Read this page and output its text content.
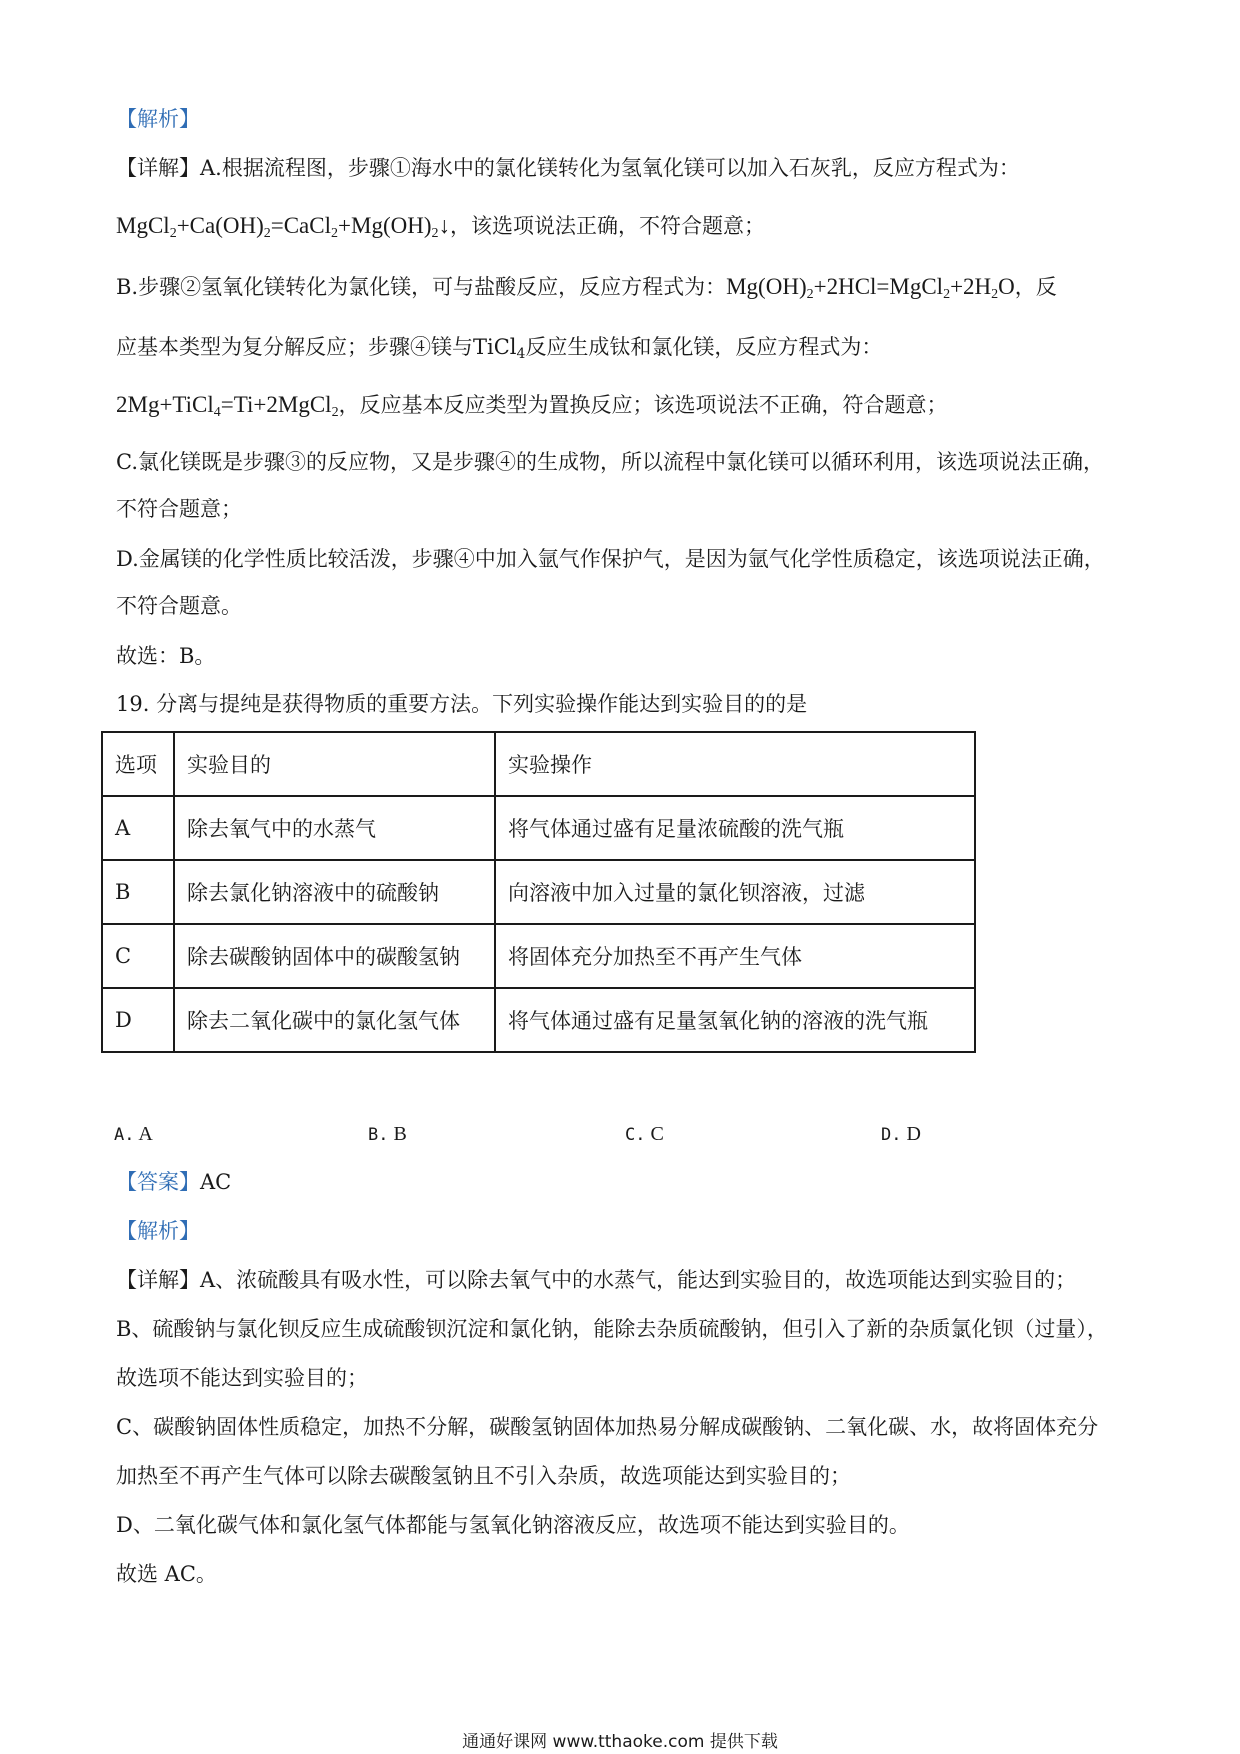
【解析】
【详解】A.根据流程图，步骤①海水中的氯化镁转化为氢氧化镁可以加入石灰乳，反应方程式为：
$MgCl_2+Ca(OH)_2=CaCl_2+Mg(OH)_2↓$，该选项说法正确，不符合题意；
B.步骤②氢氧化镁转化为氯化镁，可与盐酸反应，反应方程式为：$Mg(OH)_2+2HCl=MgCl_2+2H_2O$，反
应基本类型为复分解反应；步骤④镁与TiCl$_4$反应生成钛和氯化镁，反应方程式为：
2Mg+TiCl$_4$=Ti+2MgCl$_2$，反应基本反应类型为置换反应；该选项说法不正确，符合题意；
C.氯化镁既是步骤③的反应物，又是步骤④的生成物，所以流程中氯化镁可以循环利用，该选项说法正确，
不符合题意；
D.金属镁的化学性质比较活泼，步骤④中加入氩气作保护气，是因为氩气化学性质稳定，该选项说法正确，
不符合题意。
故选：B。
19. 分离与提纯是获得物质的重要方法。下列实验操作能达到实验目的的是
选项	实验目的	实验操作
A	除去氧气中的水蒸气	将气体通过盛有足量浓硫酸的洗气瓶
B	除去氯化钠溶液中的硫酸钠	向溶液中加入过量的氯化钡溶液，过滤
C	除去碳酸钠固体中的碳酸氢钠	将固体充分加热至不再产生气体
D	除去二氧化碳中的氯化氢气体	将气体通过盛有足量氢氧化钠的溶液的洗气瓶
A. A	B. B	C. C	D. D
【答案】AC
【解析】
【详解】A、浓硫酸具有吸水性，可以除去氧气中的水蒸气，能达到实验目的，故选项能达到实验目的；
B、硫酸钠与氯化钡反应生成硫酸钡沉淀和氯化钠，能除去杂质硫酸钠，但引入了新的杂质氯化钡（过量），
故选项不能达到实验目的；
C、碳酸钠固体性质稳定，加热不分解，碳酸氢钠固体加热易分解成碳酸钠、二氧化碳、水，故将固体充分
加热至不再产生气体可以除去碳酸氢钠且不引入杂质，故选项能达到实验目的；
D、二氧化碳气体和氯化氢气体都能与氢氧化钠溶液反应，故选项不能达到实验目的。
故选 AC。
通通好课网 www.tthaoke.com 提供下载
